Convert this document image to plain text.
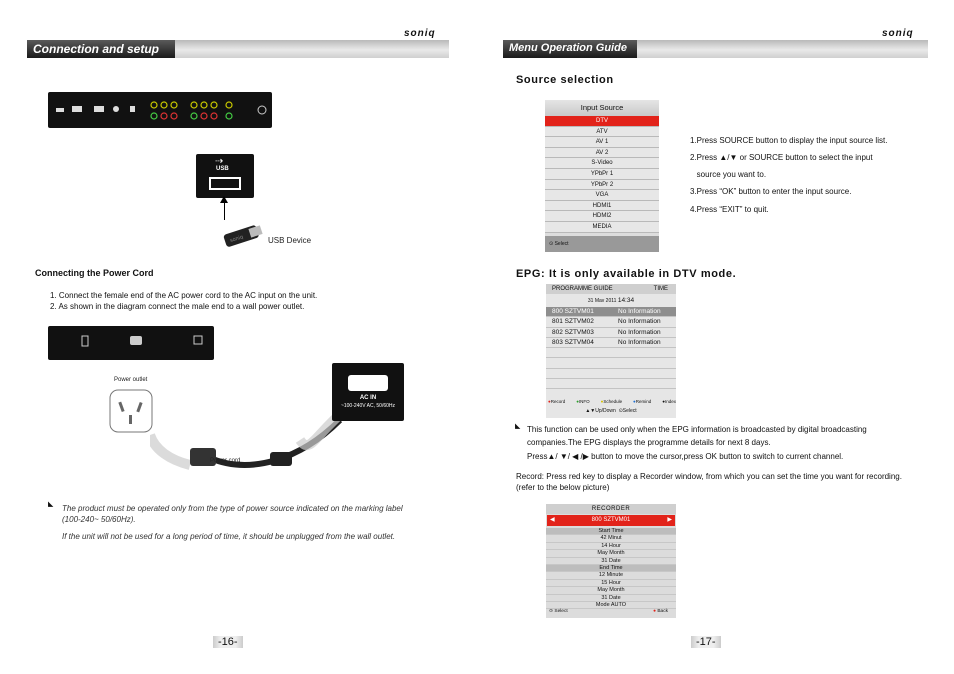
Connection and setup
soniq
⇢
USB
soniq	USB Device
Connecting the Power Cord
1. Connect the female end of the AC power cord to the AC input on the unit.
2. As shown in the diagram connect the male end to a wall power outlet.
Power outlet
Power cord
AC IN
~100-240V AC, 50/60Hz
◣ The product must be operated only from the type of power source indicated on the marking label (100-240~ 50/60Hz).
If the unit will not be used for a long period of time, it should be unplugged from the wall outlet.
-16-
Menu Operation Guide
soniq
Source selection
Input Source
DTV
ATV
AV 1
AV 2
S-Video
YPbPr 1
YPbPr 2
VGA
HDMI1
HDMI2
MEDIA
⊙ Select
1.Press SOURCE button to display the input source list.
2.Press ▲/▼ or SOURCE button to select the input
source you want to.
3.Press “OK” button to enter the input source.
4.Press “EXIT” to quit.
EPG: It is only available in DTV mode.
PROGRAMME GUIDE	TIME
31 Mav 2011 14:34
800 SZTVM01	No Information
801 SZTVM02	No Information
802 SZTVM03	No Information
803 SZTVM04	No Information
●Record ●INFO ●Schedule ●Remind ●Index
▲▼Up/Down ⊙Select
◣ This function can be used only when the EPG information is broadcasted by digital broadcasting
companies.The EPG displays the programme details for next 8 days.
Press▲/ ▼/ ◀ /▶ button to move the cursor,press OK button to switch to current channel.
Record: Press red key to display a Recorder window, from which you can set the time you want for recording.(refer to the below picture)
RECORDER
◀	800 SZTVM01	▶
Start Time
42 Minut
14 Hour
May Month
31 Date
End Time
12 Minute
15 Hour
May Month
31 Date
Mode AUTO
⊙ Select	● Back
-17-
